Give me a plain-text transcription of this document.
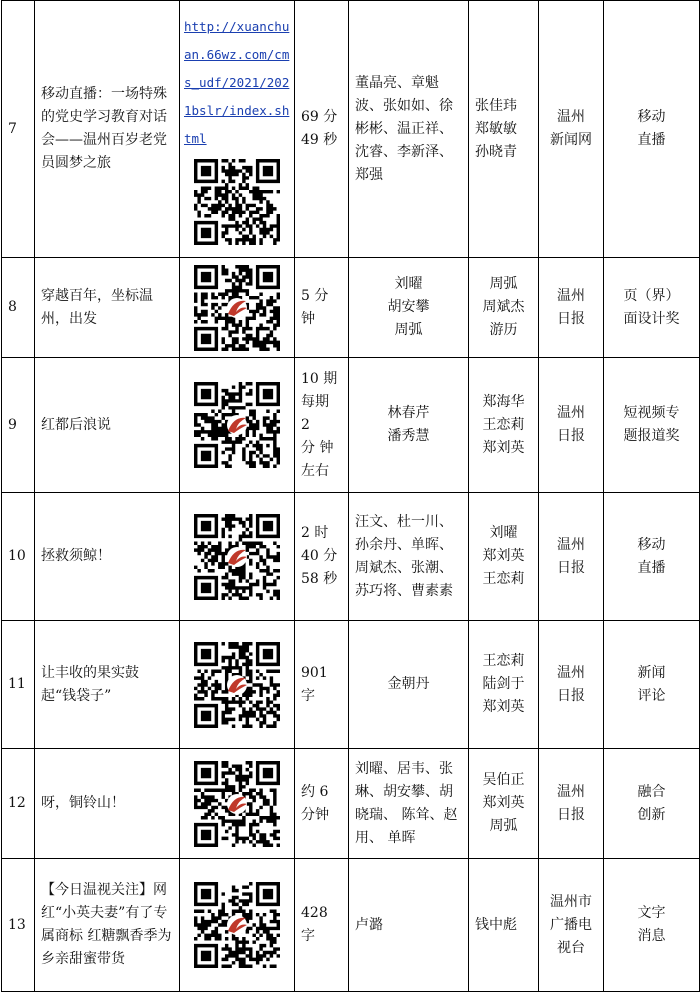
7	移动直播：一场特殊的党史学习教育对话会——温州百岁老党员圆梦之旅	http://xuanchuan.66wz.com/cms_udf/2021/2021bslr/index.shtml	69 分
49 秒	董晶亮、章魁波、张如如、徐彬彬、温正祥、沈睿、李新泽、郑强	张佳玮
郑敏敏
孙晓青	温州
新闻网	移动
直播
8	穿越百年，坐标温州，出发		5 分钟	刘曜
胡安攀
周弧	周弧
周斌杰
游历	温州
日报	页（界）
面设计奖
9	红都后浪说		10 期
每期 2
分 钟
左右	林春芹
潘秀慧	郑海华
王恋莉
郑刘英	温州
日报	短视频专
题报道奖
10	拯救须鲸！		2 时
40 分
58 秒	汪文、杜一川、孙余丹、单晖、周斌杰、张潮、苏巧将、曹素素	刘曜
郑刘英
王恋莉	温州
日报	移动
直播
11	让丰收的果实鼓起“钱袋子”		901 字	金朝丹	王恋莉
陆剑于
郑刘英	温州
日报	新闻
评论
12	呀，铜铃山！		约 6
分钟	刘曜、居韦、张琳、胡安攀、胡晓瑞、 陈耸、赵用、 单晖	吴伯正
郑刘英
周弧	温州
日报	融合
创新
13	【今日温视关注】网红“小英夫妻”有了专属商标 红糖飘香季为乡亲甜蜜带货		428 字	卢潞	钱中彪	温州市
广播电
视台	文字
消息
